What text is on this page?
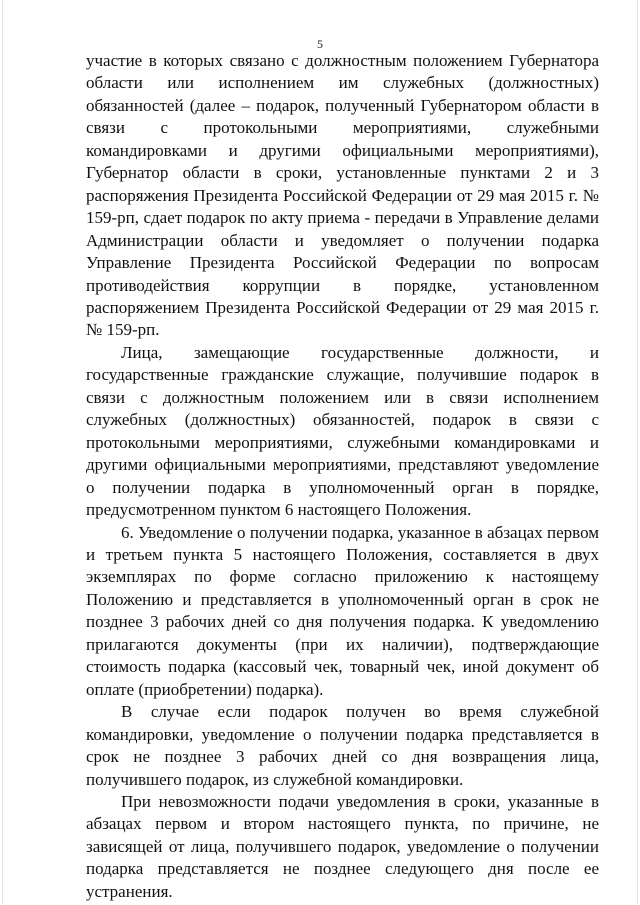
5

участие в которых связано с должностным положением Губернатора области или исполнением им служебных (должностных) обязанностей (далее – подарок, полученный Губернатором области в связи с протокольными мероприятиями, служебными командировками и другими официальными мероприятиями), Губернатор области в сроки, установленные пунктами 2 и 3 распоряжения Президента Российской Федерации от 29 мая 2015 г. № 159-рп, сдает подарок по акту приема - передачи в Управление делами Администрации области и уведомляет о получении подарка Управление Президента Российской Федерации по вопросам противодействия коррупции в порядке, установленном распоряжением Президента Российской Федерации от 29 мая 2015 г. № 159-рп.

Лица, замещающие государственные должности, и государственные гражданские служащие, получившие подарок в связи с должностным положением или в связи исполнением служебных (должностных) обязанностей, подарок в связи с протокольными мероприятиями, служебными командировками и другими официальными мероприятиями, представляют уведомление о получении подарка в уполномоченный орган в порядке, предусмотренном пунктом 6 настоящего Положения.

6. Уведомление о получении подарка, указанное в абзацах первом и третьем пункта 5 настоящего Положения, составляется в двух экземплярах по форме согласно приложению к настоящему Положению и представляется в уполномоченный орган в срок не позднее 3 рабочих дней со дня получения подарка. К уведомлению прилагаются документы (при их наличии), подтверждающие стоимость подарка (кассовый чек, товарный чек, иной документ об оплате (приобретении) подарка).

В случае если подарок получен во время служебной командировки, уведомление о получении подарка представляется в срок не позднее 3 рабочих дней со дня возвращения лица, получившего подарок, из служебной командировки.

При невозможности подачи уведомления в сроки, указанные в абзацах первом и втором настоящего пункта, по причине, не зависящей от лица, получившего подарок, уведомление о получении подарка представляется не позднее следующего дня после ее устранения.
